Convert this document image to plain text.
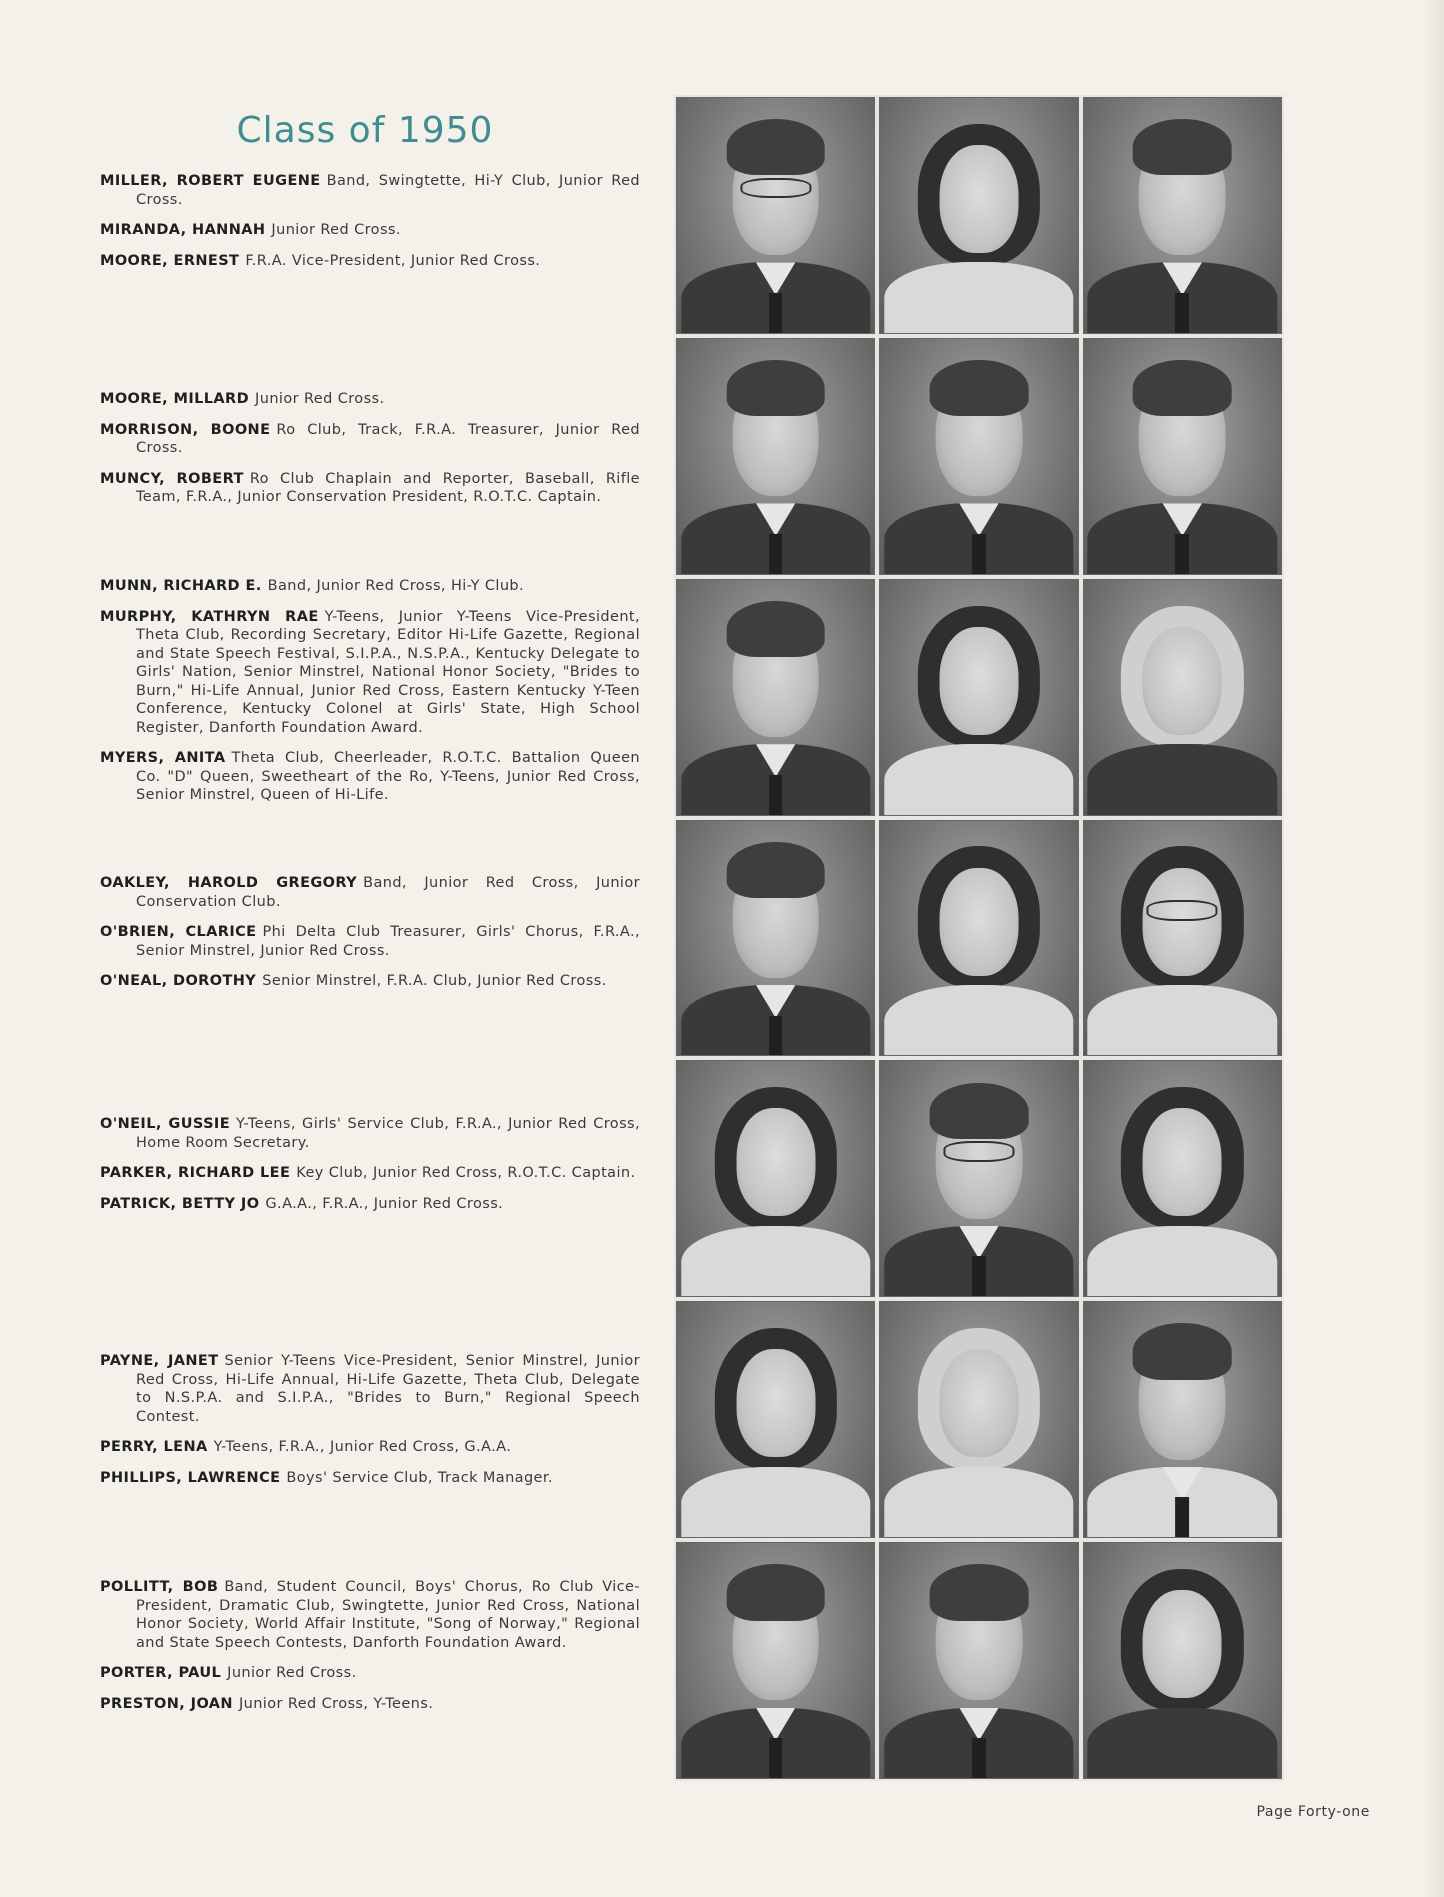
Class of 1950
MILLER, ROBERT EUGENE Band, Swingtette, Hi-Y Club, Junior Red Cross.
MIRANDA, HANNAH Junior Red Cross.
MOORE, ERNEST F.R.A. Vice-President, Junior Red Cross.
MOORE, MILLARD Junior Red Cross.
MORRISON, BOONE Ro Club, Track, F.R.A. Treasurer, Junior Red Cross.
MUNCY, ROBERT Ro Club Chaplain and Reporter, Baseball, Rifle Team, F.R.A., Junior Conservation President, R.O.T.C. Captain.
MUNN, RICHARD E. Band, Junior Red Cross, Hi-Y Club.
MURPHY, KATHRYN RAE Y-Teens, Junior Y-Teens Vice-President, Theta Club, Recording Secretary, Editor Hi-Life Gazette, Regional and State Speech Festival, S.I.P.A., N.S.P.A., Kentucky Delegate to Girls' Nation, Senior Minstrel, National Honor Society, "Brides to Burn," Hi-Life Annual, Junior Red Cross, Eastern Kentucky Y-Teen Conference, Kentucky Colonel at Girls' State, High School Register, Danforth Foundation Award.
MYERS, ANITA Theta Club, Cheerleader, R.O.T.C. Battalion Queen Co. "D" Queen, Sweetheart of the Ro, Y-Teens, Junior Red Cross, Senior Minstrel, Queen of Hi-Life.
OAKLEY, HAROLD GREGORY Band, Junior Red Cross, Junior Conservation Club.
O'BRIEN, CLARICE Phi Delta Club Treasurer, Girls' Chorus, F.R.A., Senior Minstrel, Junior Red Cross.
O'NEAL, DOROTHY Senior Minstrel, F.R.A. Club, Junior Red Cross.
O'NEIL, GUSSIE Y-Teens, Girls' Service Club, F.R.A., Junior Red Cross, Home Room Secretary.
PARKER, RICHARD LEE Key Club, Junior Red Cross, R.O.T.C. Captain.
PATRICK, BETTY JO G.A.A., F.R.A., Junior Red Cross.
PAYNE, JANET Senior Y-Teens Vice-President, Senior Minstrel, Junior Red Cross, Hi-Life Annual, Hi-Life Gazette, Theta Club, Delegate to N.S.P.A. and S.I.P.A., "Brides to Burn," Regional Speech Contest.
PERRY, LENA Y-Teens, F.R.A., Junior Red Cross, G.A.A.
PHILLIPS, LAWRENCE Boys' Service Club, Track Manager.
POLLITT, BOB Band, Student Council, Boys' Chorus, Ro Club Vice-President, Dramatic Club, Swingtette, Junior Red Cross, National Honor Society, World Affair Institute, "Song of Norway," Regional and State Speech Contests, Danforth Foundation Award.
PORTER, PAUL Junior Red Cross.
PRESTON, JOAN Junior Red Cross, Y-Teens.
Page Forty-one
